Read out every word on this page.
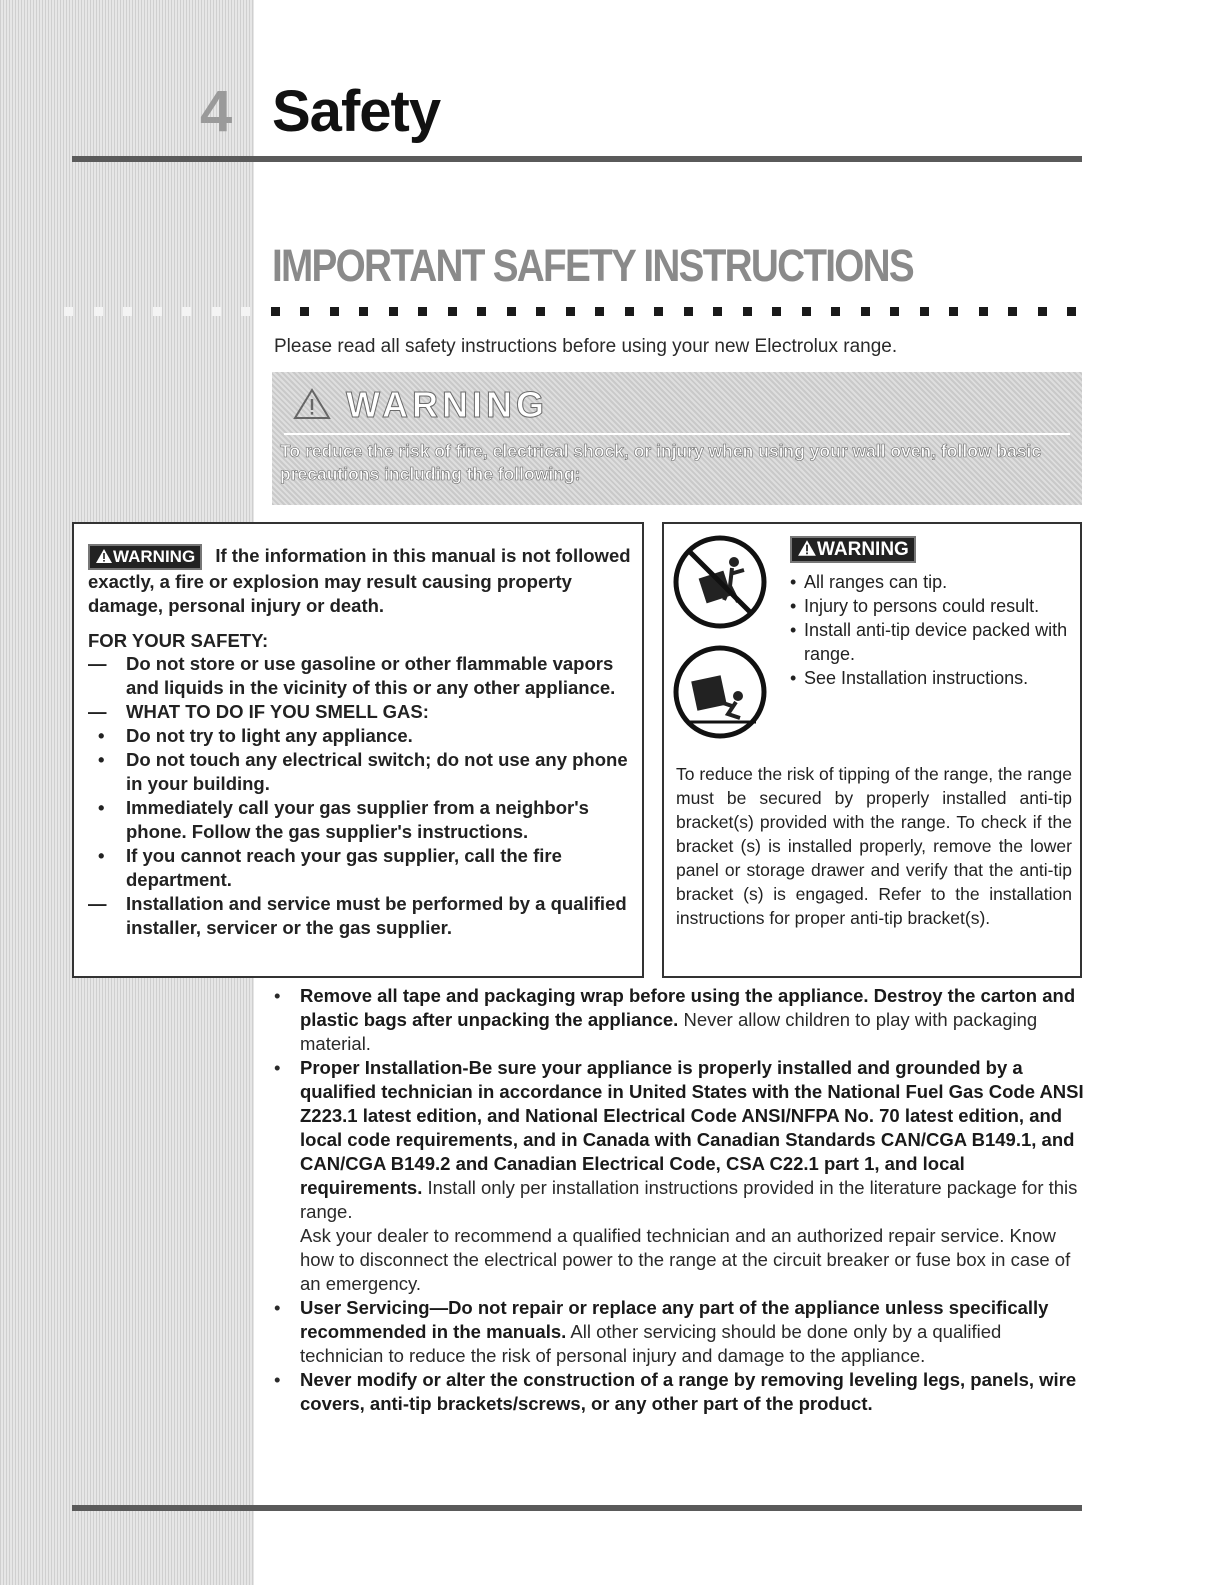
4 Safety
IMPORTANT SAFETY INSTRUCTIONS
Please read all safety instructions before using your new Electrolux range.
WARNING
To reduce the risk of fire, electrical shock, or injury when using your wall oven, follow basic precautions including the following:
WARNING If the information in this manual is not followed exactly, a fire or explosion may result causing property damage, personal injury or death.
FOR YOUR SAFETY:
—	Do not store or use gasoline or other flammable vapors and liquids in the vicinity of this or any other appliance.
—	WHAT TO DO IF YOU SMELL GAS:
•	Do not try to light any appliance.
•	Do not touch any electrical switch; do not use any phone in your building.
•	Immediately call your gas supplier from a neighbor's phone. Follow the gas supplier's instructions.
•	If you cannot reach your gas supplier, call the fire department.
—	Installation and service must be performed by a qualified installer, servicer or the gas supplier.
WARNING
• All ranges can tip.
• Injury to persons could result.
• Install anti-tip device packed with range.
• See Installation instructions.
To reduce the risk of tipping of the range, the range must be secured by properly installed anti-tip bracket(s) provided with the range. To check if the bracket (s) is installed properly, remove the lower panel or storage drawer and verify that the anti-tip bracket (s) is engaged. Refer to the installation instructions for proper anti-tip bracket(s).

• Remove all tape and packaging wrap before using the appliance. Destroy the carton and plastic bags after unpacking the appliance. Never allow children to play with packaging material.

• Proper Installation-Be sure your appliance is properly installed and grounded by a qualified technician in accordance in United States with the National Fuel Gas Code ANSI Z223.1 latest edition, and National Electrical Code ANSI/NFPA No. 70 latest edition, and local code requirements, and in Canada with Canadian Standards CAN/CGA B149.1, and CAN/CGA B149.2 and Canadian Electrical Code, CSA C22.1 part 1, and local requirements. Install only per installation instructions provided in the literature package for this range.

Ask your dealer to recommend a qualified technician and an authorized repair service. Know how to disconnect the electrical power to the range at the circuit breaker or fuse box in case of an emergency.

• User Servicing—Do not repair or replace any part of the appliance unless specifically recommended in the manuals. All other servicing should be done only by a qualified technician to reduce the risk of personal injury and damage to the appliance.

• Never modify or alter the construction of a range by removing leveling legs, panels, wire covers, anti-tip brackets/screws, or any other part of the product.
